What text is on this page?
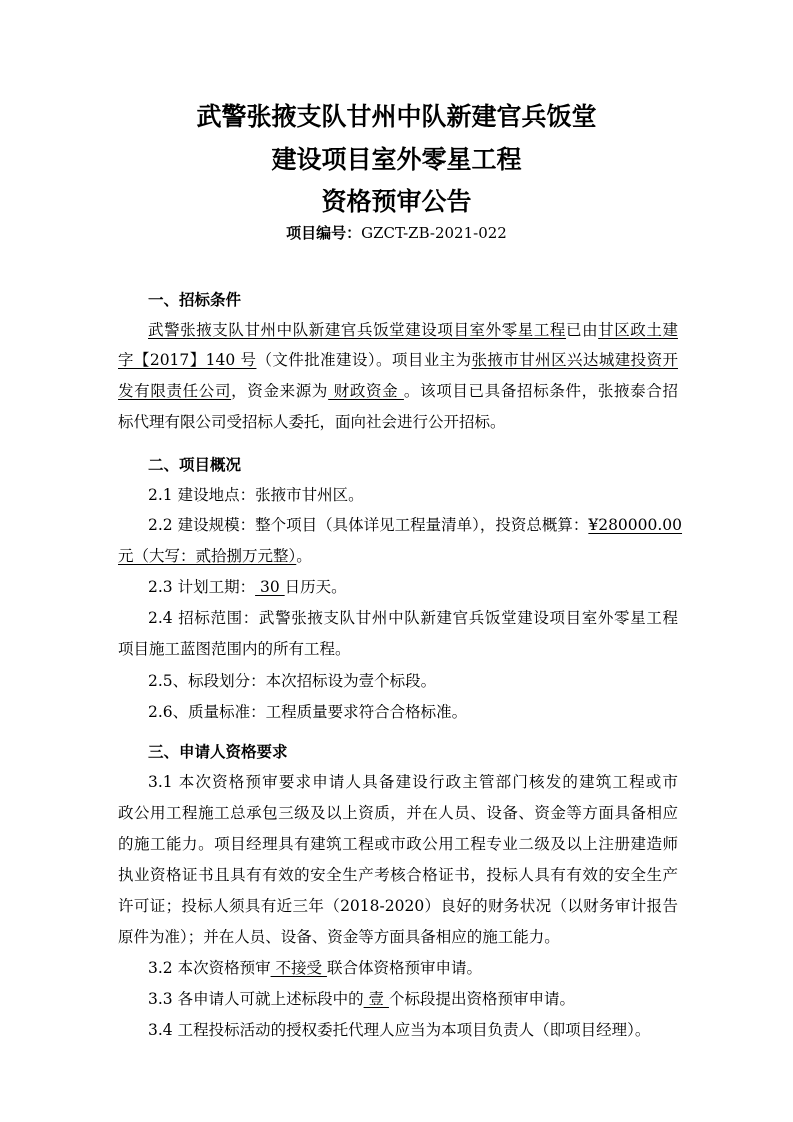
武警张掖支队甘州中队新建官兵饭堂
建设项目室外零星工程
资格预审公告
项目编号：GZCT-ZB-2021-022
一、招标条件
武警张掖支队甘州中队新建官兵饭堂建设项目室外零星工程已由甘区政土建
字【2017】140 号（文件批准建设）。项目业主为张掖市甘州区兴达城建投资开
发有限责任公司，资金来源为 财政资金 。该项目已具备招标条件，张掖泰合招
标代理有限公司受招标人委托，面向社会进行公开招标。
二、项目概况
2.1 建设地点：张掖市甘州区。
2.2 建设规模：整个项目（具体详见工程量清单），投资总概算：¥280000.00
元（大写：贰拾捌万元整）。
2.3 计划工期： 30 日历天。
2.4 招标范围：武警张掖支队甘州中队新建官兵饭堂建设项目室外零星工程
项目施工蓝图范围内的所有工程。
2.5、标段划分：本次招标设为壹个标段。
2.6、质量标准：工程质量要求符合合格标准。
三、申请人资格要求
3.1 本次资格预审要求申请人具备建设行政主管部门核发的建筑工程或市
政公用工程施工总承包三级及以上资质，并在人员、设备、资金等方面具备相应
的施工能力。项目经理具有建筑工程或市政公用工程专业二级及以上注册建造师
执业资格证书且具有有效的安全生产考核合格证书，投标人具有有效的安全生产
许可证；投标人须具有近三年（2018-2020）良好的财务状况（以财务审计报告
原件为准）；并在人员、设备、资金等方面具备相应的施工能力。
3.2 本次资格预审 不接受 联合体资格预审申请。
3.3 各申请人可就上述标段中的 壹 个标段提出资格预审申请。
3.4 工程投标活动的授权委托代理人应当为本项目负责人（即项目经理）。
